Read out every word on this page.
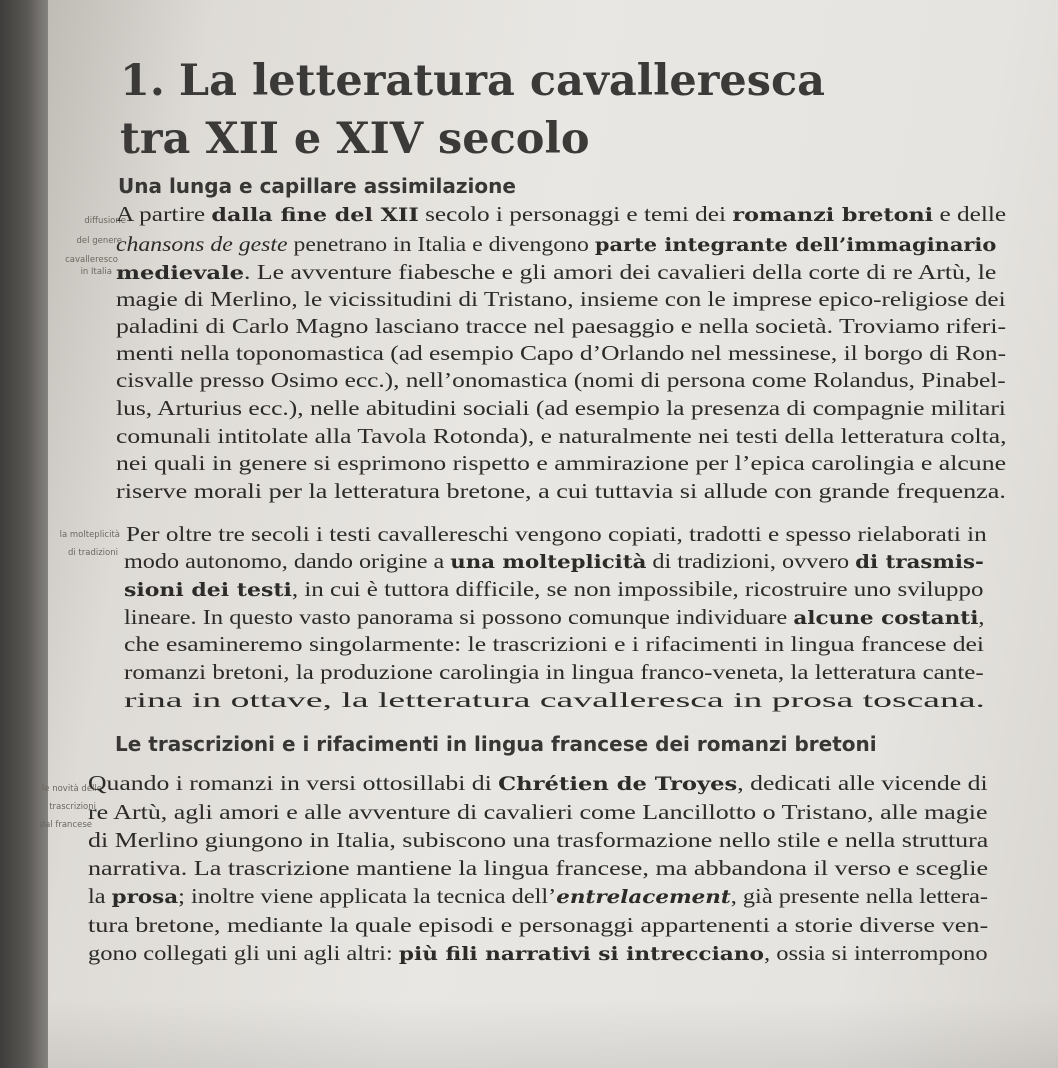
1. La letteratura cavalleresca
tra XII e XIV secolo
Una lunga e capillare assimilazione
diffusione
del genere
cavalleresco
in Italia
la molteplicità
di tradizioni
A partire dalla fine del XII secolo i personaggi e temi dei romanzi bretoni e delle
chansons de geste penetrano in Italia e divengono parte integrante dell’immaginario
medievale. Le avventure fiabesche e gli amori dei cavalieri della corte di re Artù, le
magie di Merlino, le vicissitudini di Tristano, insieme con le imprese epico-religiose dei
paladini di Carlo Magno lasciano tracce nel paesaggio e nella società. Troviamo riferi-
menti nella toponomastica (ad esempio Capo d’Orlando nel messinese, il borgo di Ron-
cisvalle presso Osimo ecc.), nell’onomastica (nomi di persona come Rolandus, Pinabel-
lus, Arturius ecc.), nelle abitudini sociali (ad esempio la presenza di compagnie militari
comunali intitolate alla Tavola Rotonda), e naturalmente nei testi della letteratura colta,
nei quali in genere si esprimono rispetto e ammirazione per l’epica carolingia e alcune
riserve morali per la letteratura bretone, a cui tuttavia si allude con grande frequenza.
Per oltre tre secoli i testi cavallereschi vengono copiati, tradotti e spesso rielaborati in
modo autonomo, dando origine a una molteplicità di tradizioni, ovvero di trasmis-
sioni dei testi, in cui è tuttora difficile, se non impossibile, ricostruire uno sviluppo
lineare. In questo vasto panorama si possono comunque individuare alcune costanti,
che esamineremo singolarmente: le trascrizioni e i rifacimenti in lingua francese dei
romanzi bretoni, la produzione carolingia in lingua franco-veneta, la letteratura cante-
rina in ottave, la letteratura cavalleresca in prosa toscana.
Le trascrizioni e i rifacimenti in lingua francese dei romanzi bretoni
le novità delle
trascrizioni
dal francese
Quando i romanzi in versi ottosillabi di Chrétien de Troyes, dedicati alle vicende di
re Artù, agli amori e alle avventure di cavalieri come Lancillotto o Tristano, alle magie
di Merlino giungono in Italia, subiscono una trasformazione nello stile e nella struttura
narrativa. La trascrizione mantiene la lingua francese, ma abbandona il verso e sceglie
la prosa; inoltre viene applicata la tecnica dell’entrelacement, già presente nella lettera-
tura bretone, mediante la quale episodi e personaggi appartenenti a storie diverse ven-
gono collegati gli uni agli altri: più fili narrativi si intrecciano, ossia si interrompono
